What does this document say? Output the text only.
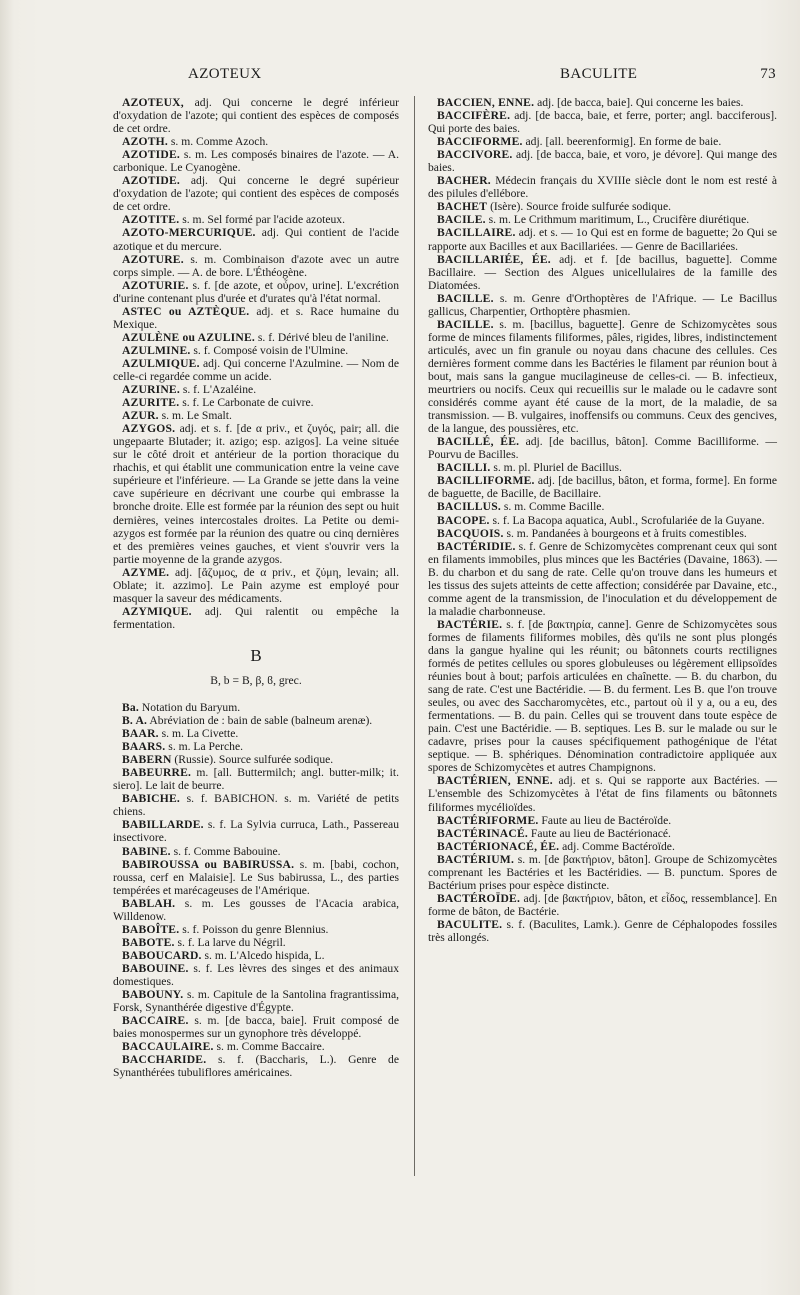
AZOTEUX	BACULITE	73

AZOTEUX, adj. Qui concerne le degré inférieur d'oxydation de l'azote; qui contient des espèces de composés de cet ordre.

AZOTH. s. m. Comme Azoch.

AZOTIDE. s. m. Les composés binaires de l'azote. — A. carbonique. Le Cyanogène.

AZOTIDE. adj. Qui concerne le degré supérieur d'oxydation de l'azote; qui contient des espèces de composés de cet ordre.

AZOTITE. s. m. Sel formé par l'acide azoteux.

AZOTO-MERCURIQUE. adj. Qui contient de l'acide azotique et du mercure.

AZOTURE. s. m. Combinaison d'azote avec un autre corps simple. — A. de bore. L'Éthéogène.

AZOTURIE. s. f. [de azote, et οὖρον, urine]. L'excrétion d'urine contenant plus d'urée et d'urates qu'à l'état normal.

ASTEC ou AZTÈQUE. adj. et s. Race humaine du Mexique.

AZULÈNE ou AZULINE. s. f. Dérivé bleu de l'aniline.

AZULMINE. s. f. Composé voisin de l'Ulmine.

AZULMIQUE. adj. Qui concerne l'Azulmine. — Nom de celle-ci regardée comme un acide.

AZURINE. s. f. L'Azaléine.

AZURITE. s. f. Le Carbonate de cuivre.

AZUR. s. m. Le Smalt.

AZYGOS. adj. et s. f. [de α priv., et ζυγός, pair; all. die ungepaarte Blutader; it. azigo; esp. azigos]. La veine située sur le côté droit et antérieur de la portion thoracique du rhachis, et qui établit une communication entre la veine cave supérieure et l'inférieure. — La Grande se jette dans la veine cave supérieure en décrivant une courbe qui embrasse la bronche droite. Elle est formée par la réunion des sept ou huit dernières, veines intercostales droites. La Petite ou demi-azygos est formée par la réunion des quatre ou cinq dernières et des premières veines gauches, et vient s'ouvrir vers la partie moyenne de la grande azygos.

AZYME. adj. [ἄζυμος, de α priv., et ζύμη, levain; all. Oblate; it. azzimo]. Le Pain azyme est employé pour masquer la saveur des médicaments.

AZYMIQUE. adj. Qui ralentit ou empêche la fermentation.

B

B, b = Β, β, ϐ, grec.

Ba. Notation du Baryum.

B. A. Abréviation de : bain de sable (balneum arenæ).

BAAR. s. m. La Civette.

BAARS. s. m. La Perche.

BABERN (Russie). Source sulfurée sodique.

BABEURRE. m. [all. Buttermilch; angl. butter-milk; it. siero]. Le lait de beurre.

BABICHE. s. f. BABICHON. s. m. Variété de petits chiens.

BABILLARDE. s. f. La Sylvia curruca, Lath., Passereau insectivore.

BABINE. s. f. Comme Babouine.

BABIROUSSA ou BABIRUSSA. s. m. [babi, cochon, roussa, cerf en Malaisie]. Le Sus babirussa, L., des parties tempérées et marécageuses de l'Amérique.

BABLAH. s. m. Les gousses de l'Acacia arabica, Willdenow.

BABOÎTE. s. f. Poisson du genre Blennius.

BABOTE. s. f. La larve du Négril.

BABOUCARD. s. m. L'Alcedo hispida, L.

BABOUINE. s. f. Les lèvres des singes et des animaux domestiques.

BABOUNY. s. m. Capitule de la Santolina fragrantissima, Forsk, Synanthérée digestive d'Égypte.

BACCAIRE. s. m. [de bacca, baie]. Fruit composé de baies monospermes sur un gynophore très développé.

BACCAULAIRE. s. m. Comme Baccaire.

BACCHARIDE. s. f. (Baccharis, L.). Genre de Synanthérées tubuliflores américaines.

BACCIEN, ENNE. adj. [de bacca, baie]. Qui concerne les baies.

BACCIFÈRE. adj. [de bacca, baie, et ferre, porter; angl. bacciferous]. Qui porte des baies.

BACCIFORME. adj. [all. beerenformig]. En forme de baie.

BACCIVORE. adj. [de bacca, baie, et voro, je dévore]. Qui mange des baies.

BACHER. Médecin français du XVIIIe siècle dont le nom est resté à des pilules d'ellébore.

BACHET (Isère). Source froide sulfurée sodique.

BACILE. s. m. Le Crithmum maritimum, L., Crucifère diurétique.

BACILLAIRE. adj. et s. — 1o Qui est en forme de baguette; 2o Qui se rapporte aux Bacilles et aux Bacillariées. — Genre de Bacillariées.

BACILLARIÉE, ÉE. adj. et f. [de bacillus, baguette]. Comme Bacillaire. — Section des Algues unicellulaires de la famille des Diatomées.

BACILLE. s. m. Genre d'Orthoptères de l'Afrique. — Le Bacillus gallicus, Charpentier, Orthoptère phasmien.

BACILLE. s. m. [bacillus, baguette]. Genre de Schizomycètes sous forme de minces filaments filiformes, pâles, rigides, libres, indistinctement articulés, avec un fin granule ou noyau dans chacune des cellules. Ces dernières forment comme dans les Bactéries le filament par réunion bout à bout, mais sans la gangue mucilagineuse de celles-ci. — B. infectieux, meurtriers ou nocifs. Ceux qui recueillis sur le malade ou le cadavre sont considérés comme ayant été cause de la mort, de la maladie, de sa transmission. — B. vulgaires, inoffensifs ou communs. Ceux des gencives, de la langue, des poussières, etc.

BACILLÉ, ÉE. adj. [de bacillus, bâton]. Comme Bacilliforme. — Pourvu de Bacilles.

BACILLI. s. m. pl. Pluriel de Bacillus.

BACILLIFORME. adj. [de bacillus, bâton, et forma, forme]. En forme de baguette, de Bacille, de Bacillaire.

BACILLUS. s. m. Comme Bacille.

BACOPE. s. f. La Bacopa aquatica, Aubl., Scrofulariée de la Guyane.

BACQUOIS. s. m. Pandanées à bourgeons et à fruits comestibles.

BACTÉRIDIE. s. f. Genre de Schizomycètes comprenant ceux qui sont en filaments immobiles, plus minces que les Bactéries (Davaine, 1863). — B. du charbon et du sang de rate. Celle qu'on trouve dans les humeurs et les tissus des sujets atteints de cette affection; considérée par Davaine, etc., comme agent de la transmission, de l'inoculation et du développement de la maladie charbonneuse.

BACTÉRIE. s. f. [de βακτηρία, canne]. Genre de Schizomycètes sous formes de filaments filiformes mobiles, dès qu'ils ne sont plus plongés dans la gangue hyaline qui les réunit; ou bâtonnets courts rectilignes formés de petites cellules ou spores globuleuses ou légèrement ellipsoïdes réunies bout à bout; parfois articulées en chaînette. — B. du charbon, du sang de rate. C'est une Bactéridie. — B. du ferment. Les B. que l'on trouve seules, ou avec des Saccharomycètes, etc., partout où il y a, ou a eu, des fermentations. — B. du pain. Celles qui se trouvent dans toute espèce de pain. C'est une Bactéridie. — B. septiques. Les B. sur le malade ou sur le cadavre, prises pour la causes spécifiquement pathogénique de l'état septique. — B. sphériques. Dénomination contradictoire appliquée aux spores de Schizomycètes et autres Champignons.

BACTÉRIEN, ENNE. adj. et s. Qui se rapporte aux Bactéries. — L'ensemble des Schizomycètes à l'état de fins filaments ou bâtonnets filiformes mycélioïdes.

BACTÉRIFORME. Faute au lieu de Bactéroïde.

BACTÉRINACÉ. Faute au lieu de Bactérionacé.

BACTÉRIONACÉ, ÉE. adj. Comme Bactéroïde.

BACTÉRIUM. s. m. [de βακτήριον, bâton]. Groupe de Schizomycètes comprenant les Bactéries et les Bactéridies. — B. punctum. Spores de Bactérium prises pour espèce distincte.

BACTÉROÏDE. adj. [de βακτήριον, bâton, et εἶδος, ressemblance]. En forme de bâton, de Bactérie.

BACULITE. s. f. (Baculites, Lamk.). Genre de Céphalopodes fossiles très allongés.
